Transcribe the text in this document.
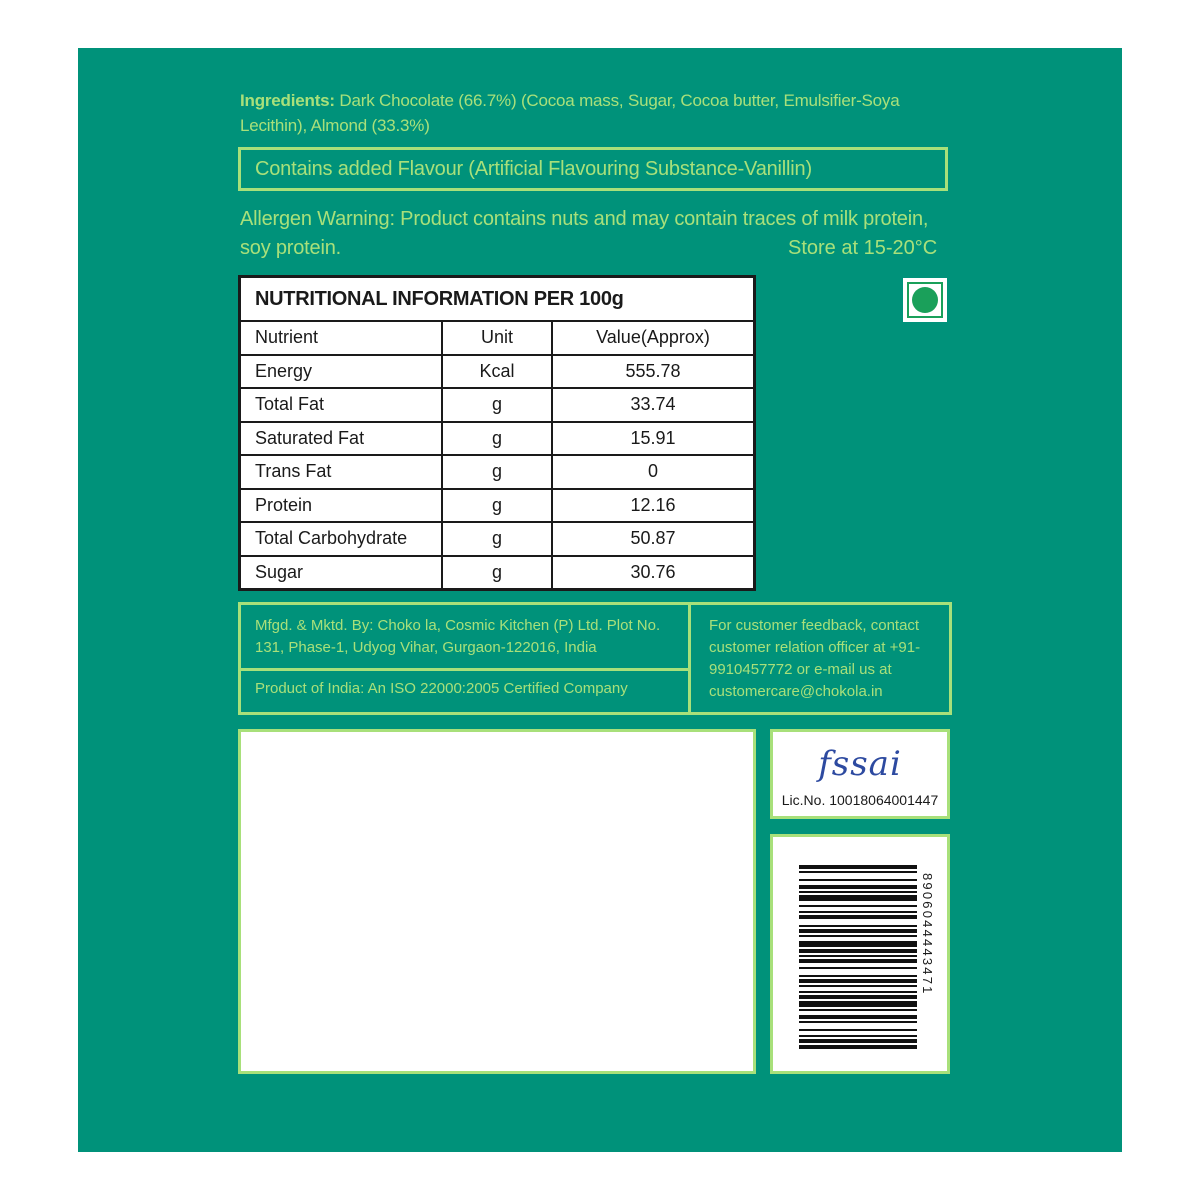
Ingredients: Dark Chocolate (66.7%) (Cocoa mass, Sugar, Cocoa butter, Emulsifier-Soya Lecithin), Almond (33.3%)
Contains added Flavour (Artificial Flavouring Substance-Vanillin)
Allergen Warning: Product contains nuts and may contain traces of milk protein, soy protein.	Store at 15-20°C
NUTRITIONAL INFORMATION PER 100g		
Nutrient	Unit	Value(Approx)
Energy	Kcal	555.78
Total Fat	g	33.74
Saturated Fat	g	15.91
Trans Fat	g	0
Protein	g	12.16
Total Carbohydrate	g	50.87
Sugar	g	30.76
Mfgd. & Mktd. By: Choko la, Cosmic Kitchen (P) Ltd. Plot No. 131, Phase-1, Udyog Vihar, Gurgaon-122016, India
Product of India: An ISO 22000:2005 Certified Company
For customer feedback, contact customer relation officer at +91-9910457772 or e-mail us at customercare@chokola.in
fssai
Lic.No. 10018064001447
8906044443471
